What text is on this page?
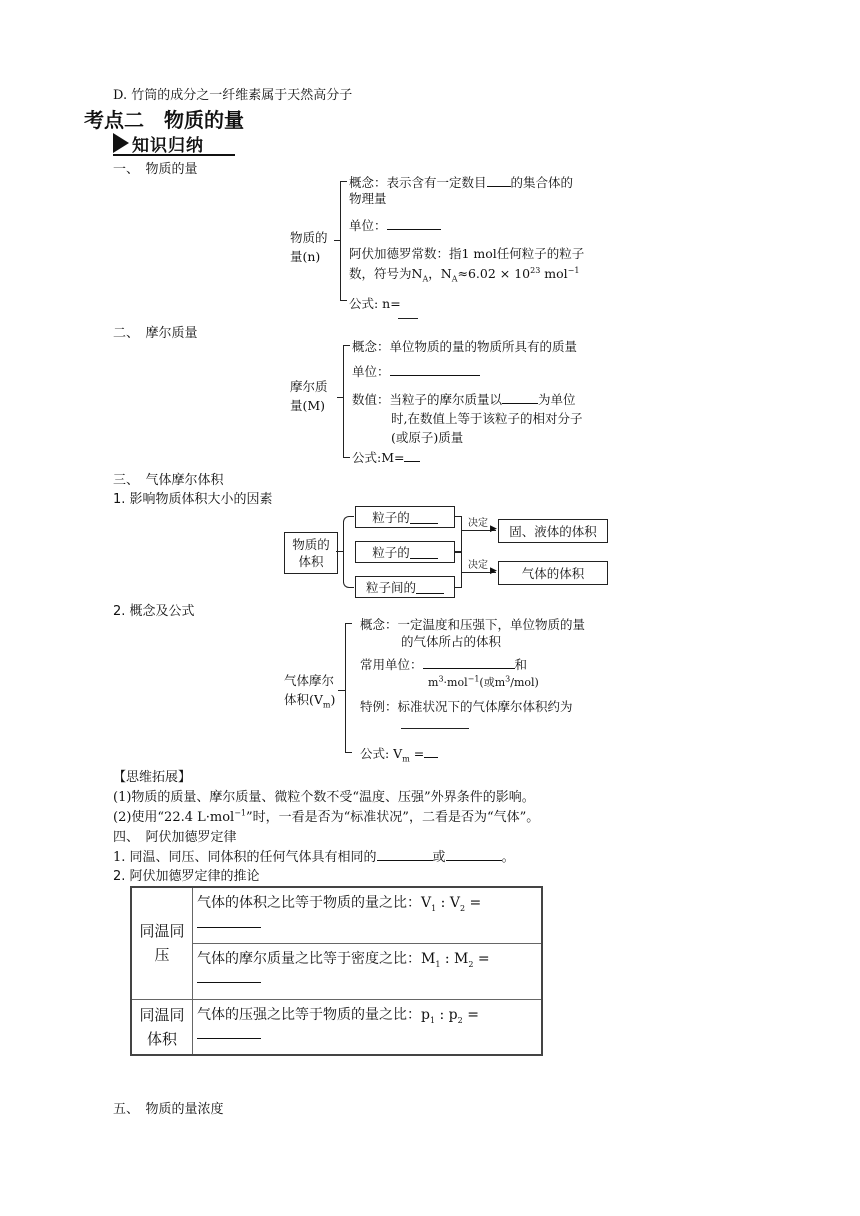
D. 竹筒的成分之一纤维素属于天然高分子
考点二　物质的量
知识归纳
一、　物质的量
物质的
量(n)
概念：表示含有一定数目 的集合体的
物理量
单位：
阿伏加德罗常数：指1 mol任何粒子的粒子
数，符号为$N_A$，$N_A\approx 6.02 \times 10^{23}$ mol$^{-1}$
公式: n=
二、　摩尔质量
摩尔质
量(M)
概念：单位物质的量的物质所具有的质量
单位：
数值：当粒子的摩尔质量以	为单位
时,在数值上等于该粒子的相对分子
(或原子)质量
公式:M=
三、　气体摩尔体积
1. 影响物质体积大小的因素
物质的
体积
粒子的
粒子的
粒子间的
决定 ▶
决定 ▶
固、液体的体积
气体的体积
2. 概念及公式
气体摩尔
体积$(V_m)$
概念：一定温度和压强下，单位物质的量
的气体所占的体积
常用单位：	和
$m^3\cdot mol^{-1}$(或$m^3/mol$)
特例：标准状况下的气体摩尔体积约为
公式: $V_m$ =
【思维拓展】
(1)物质的质量、摩尔质量、微粒个数不受“温度、压强”外界条件的影响。
(2)使用“22.4 L·mol$^{-1}$”时，一看是否为“标准状况”，二看是否为“气体”。
四、　阿伏加德罗定律
1. 同温、同压、同体积的任何气体具有相同的	或	。
2. 阿伏加德罗定律的推论
同温同压	气体的体积之比等于物质的量之比：$V_1$ : $V_2$ =

	气体的摩尔质量之比等于密度之比：$M_1$ : $M_2$ =

同温同体积	气体的压强之比等于物质的量之比：$p_1$ : $p_2$ =
五、　物质的量浓度
